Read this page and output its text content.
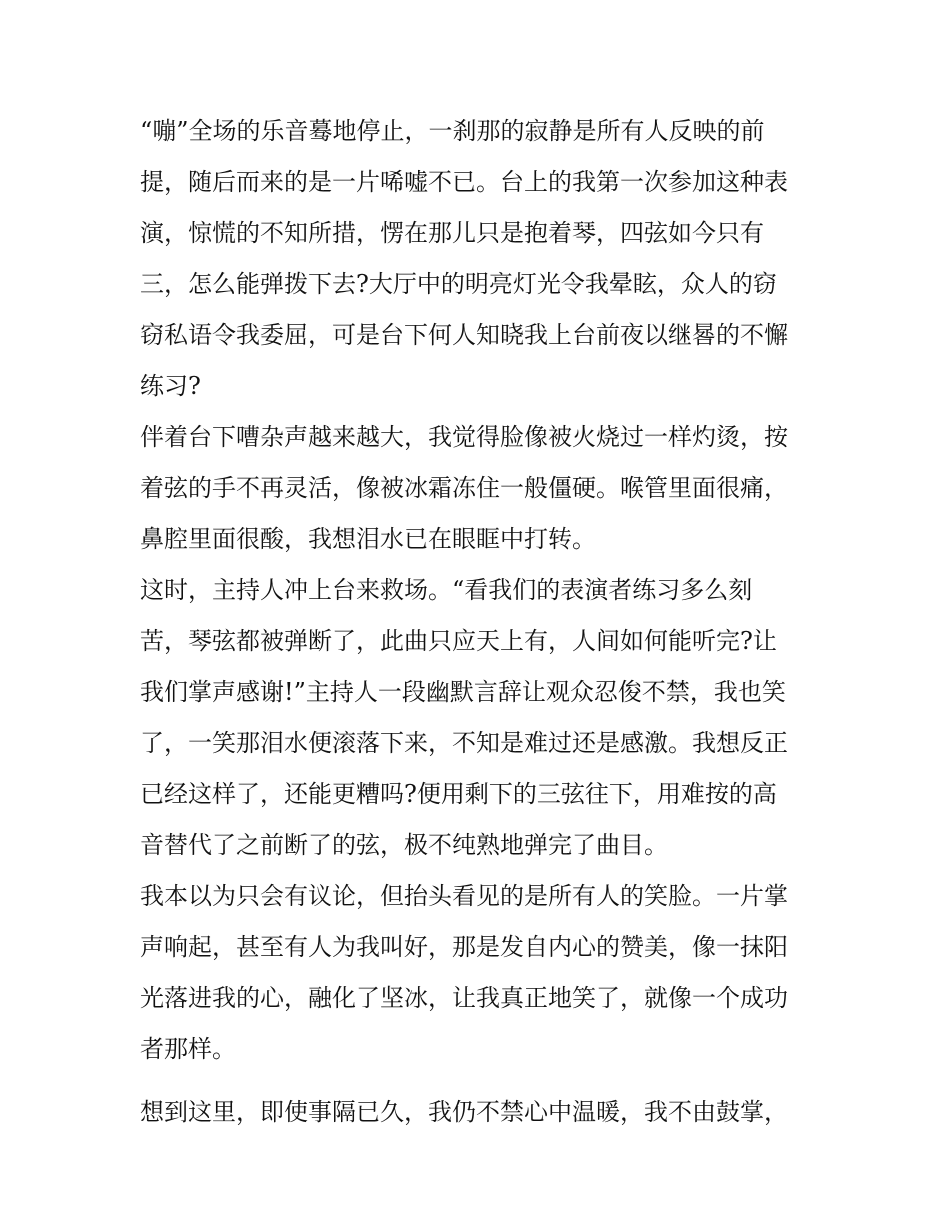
“嘣”全场的乐音蓦地停止，一刹那的寂静是所有人反映的前
提，随后而来的是一片唏嘘不已。台上的我第一次参加这种表
演，惊慌的不知所措，愣在那儿只是抱着琴，四弦如今只有
三，怎么能弹拨下去?大厅中的明亮灯光令我晕眩，众人的窃
窃私语令我委屈，可是台下何人知晓我上台前夜以继晷的不懈
练习?
伴着台下嘈杂声越来越大，我觉得脸像被火烧过一样灼烫，按
着弦的手不再灵活，像被冰霜冻住一般僵硬。喉管里面很痛，
鼻腔里面很酸，我想泪水已在眼眶中打转。
这时，主持人冲上台来救场。“看我们的表演者练习多么刻
苦，琴弦都被弹断了，此曲只应天上有，人间如何能听完?让
我们掌声感谢!”主持人一段幽默言辞让观众忍俊不禁，我也笑
了，一笑那泪水便滚落下来，不知是难过还是感激。我想反正
已经这样了，还能更糟吗?便用剩下的三弦往下，用难按的高
音替代了之前断了的弦，极不纯熟地弹完了曲目。
我本以为只会有议论，但抬头看见的是所有人的笑脸。一片掌
声响起，甚至有人为我叫好，那是发自内心的赞美，像一抹阳
光落进我的心，融化了坚冰，让我真正地笑了，就像一个成功
者那样。
想到这里，即使事隔已久，我仍不禁心中温暖，我不由鼓掌，
